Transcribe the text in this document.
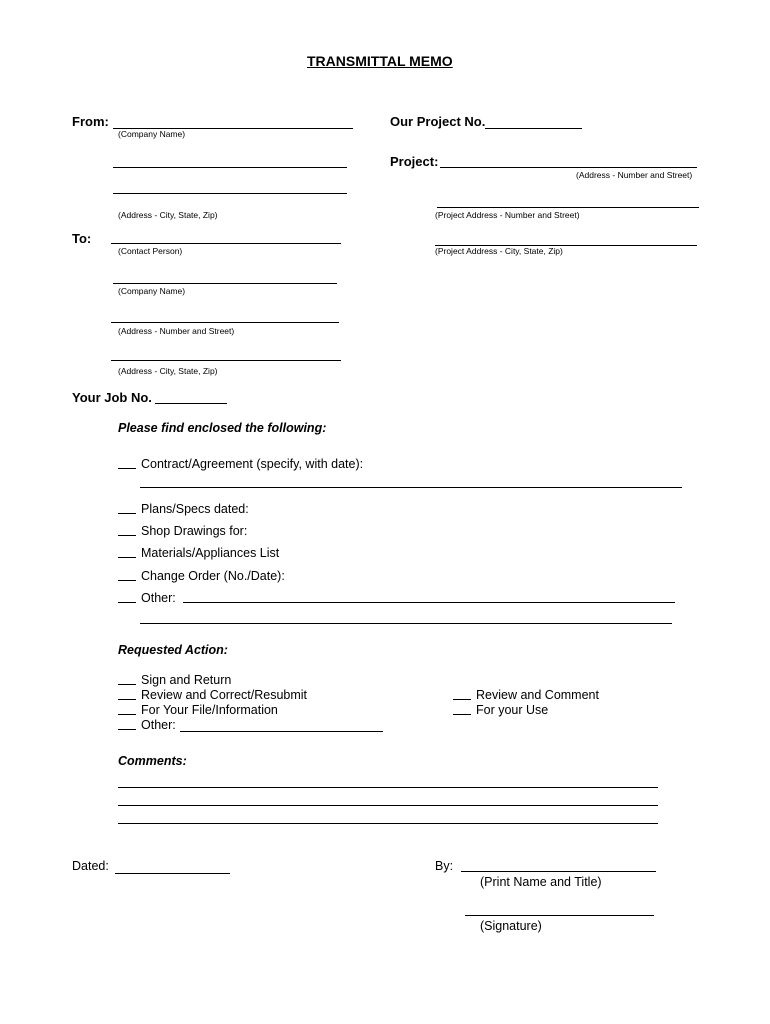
TRANSMITTAL MEMO
From:
(Company Name)
(Address - City, State, Zip)
Our Project No.
Project:
(Address - Number and Street)
(Project Address - Number and Street)
(Project Address - City, State, Zip)
To:
(Contact Person)
(Company Name)
(Address - Number and Street)
(Address - City, State, Zip)
Your Job No.
Please find enclosed the following:
Contract/Agreement (specify, with date):
Plans/Specs dated:
Shop Drawings for:
Materials/Appliances List
Change Order (No./Date):
Other:
Requested Action:
Sign and Return
Review and Correct/Resubmit
For Your File/Information
Other:
Review and Comment
For your Use
Comments:
Dated:	By:
(Print Name and Title)
(Signature)
